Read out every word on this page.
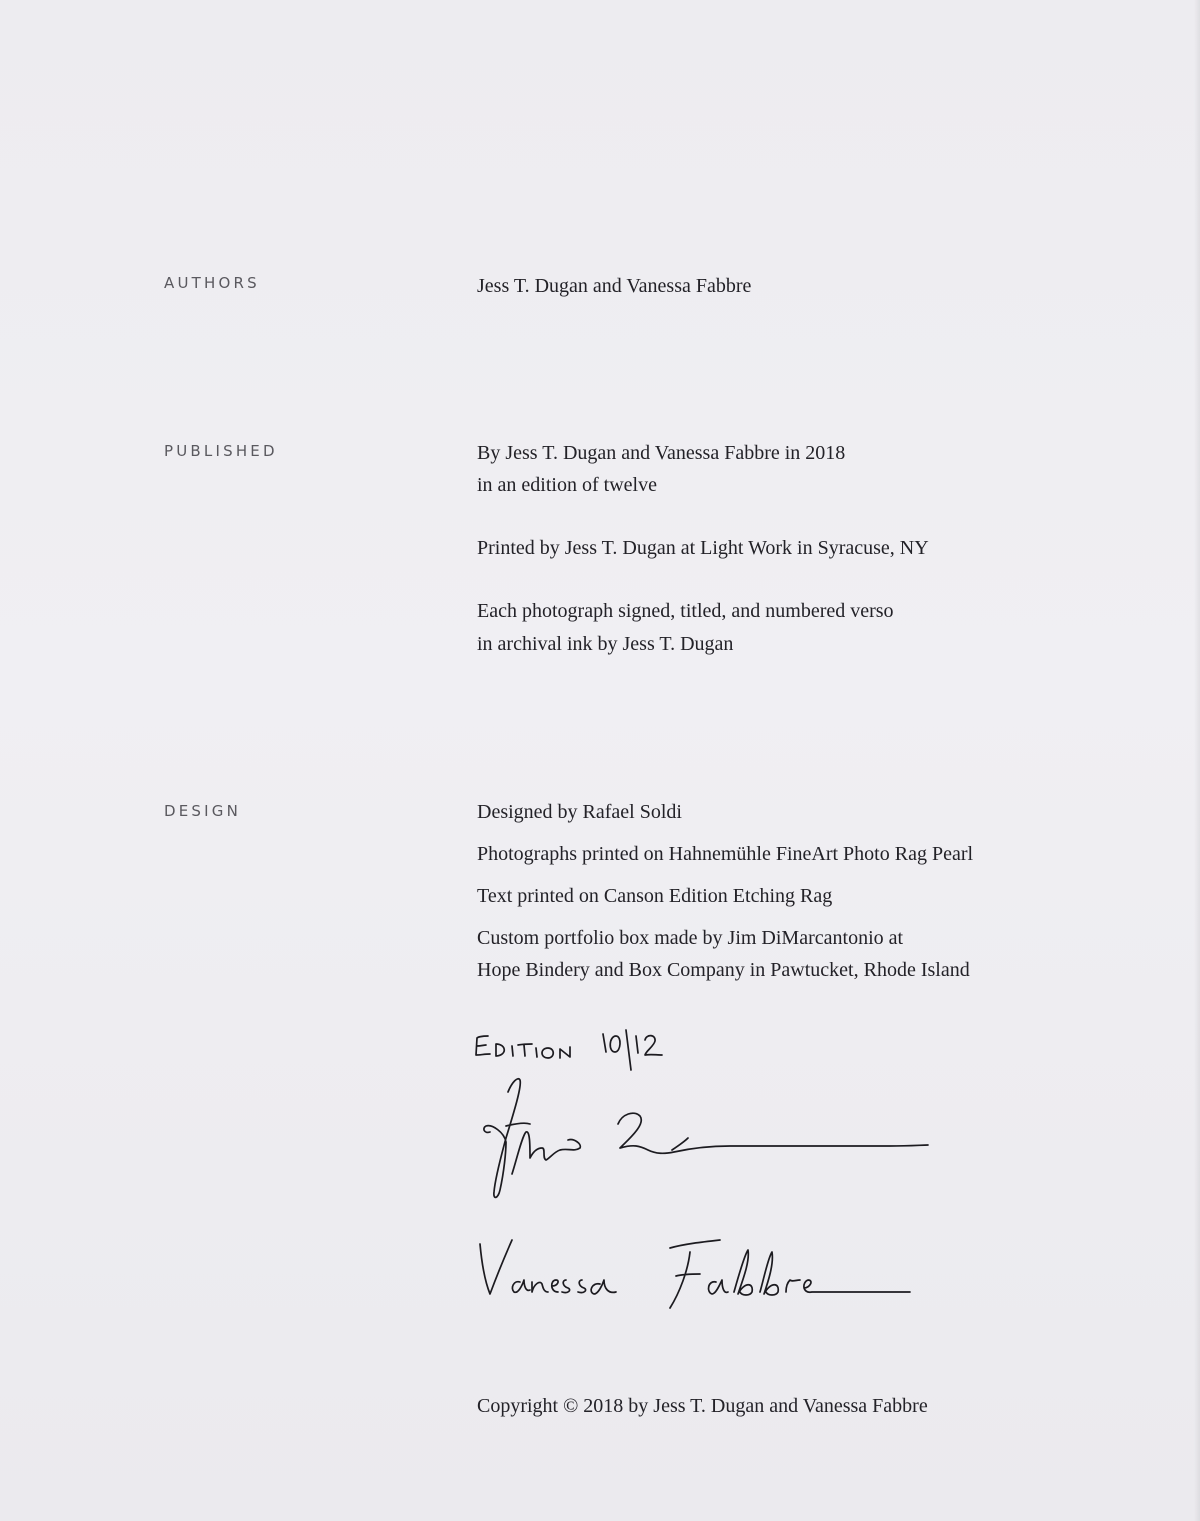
AUTHORS	Jess T. Dugan and Vanessa Fabbre
PUBLISHED	By Jess T. Dugan and Vanessa Fabbre in 2018
in an edition of twelve
Printed by Jess T. Dugan at Light Work in Syracuse, NY
Each photograph signed, titled, and numbered verso
in archival ink by Jess T. Dugan
DESIGN	Designed by Rafael Soldi
Photographs printed on Hahnemühle FineArt Photo Rag Pearl
Text printed on Canson Edition Etching Rag
Custom portfolio box made by Jim DiMarcantonio at
Hope Bindery and Box Company in Pawtucket, Rhode Island
Copyright © 2018 by Jess T. Dugan and Vanessa Fabbre
